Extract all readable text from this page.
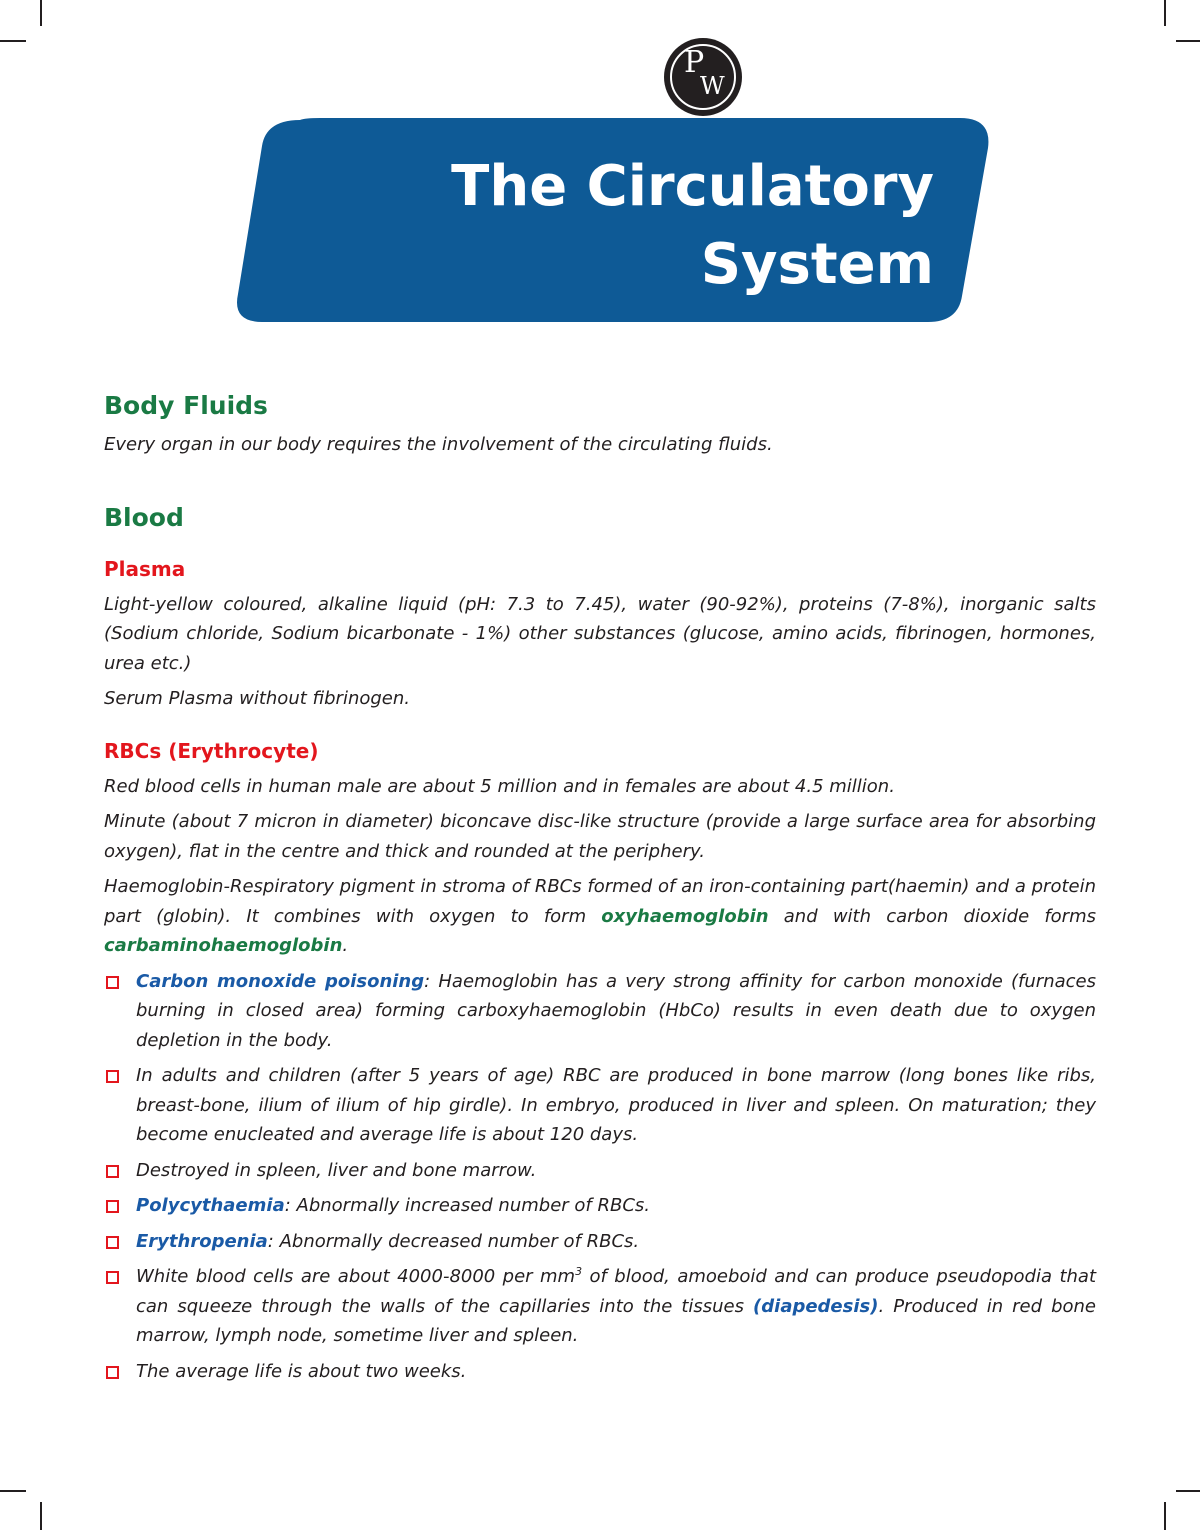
P
W
The Circulatory
System
Body Fluids

Every organ in our body requires the involvement of the circulating fluids.

Blood
Plasma

Light-yellow coloured, alkaline liquid (pH: 7.3 to 7.45), water (90-92%), proteins (7-8%), inorganic salts (Sodium chloride, Sodium bicarbonate - 1%) other substances (glucose, amino acids, fibrinogen, hormones, urea etc.)

Serum Plasma without fibrinogen.

RBCs (Erythrocyte)

Red blood cells in human male are about 5 million and in females are about 4.5 million.

Minute (about 7 micron in diameter) biconcave disc-like structure (provide a large surface area for absorbing oxygen), flat in the centre and thick and rounded at the periphery.

Haemoglobin-Respiratory pigment in stroma of RBCs formed of an iron-containing part(haemin) and a protein part (globin). It combines with oxygen to form oxyhaemoglobin and with carbon dioxide forms carbaminohaemoglobin.

Carbon monoxide poisoning: Haemoglobin has a very strong affinity for carbon monoxide (furnaces burning in closed area) forming carboxyhaemoglobin (HbCo) results in even death due to oxygen depletion in the body.
In adults and children (after 5 years of age) RBC are produced in bone marrow (long bones like ribs, breast-bone, ilium of ilium of hip girdle). In embryo, produced in liver and spleen. On maturation; they become enucleated and average life is about 120 days.
Destroyed in spleen, liver and bone marrow.
Polycythaemia: Abnormally increased number of RBCs.
Erythropenia: Abnormally decreased number of RBCs.
White blood cells are about 4000-8000 per $mm^3$ of blood, amoeboid and can produce pseudopodia that can squeeze through the walls of the capillaries into the tissues (diapedesis). Produced in red bone marrow, lymph node, sometime liver and spleen.
The average life is about two weeks.
